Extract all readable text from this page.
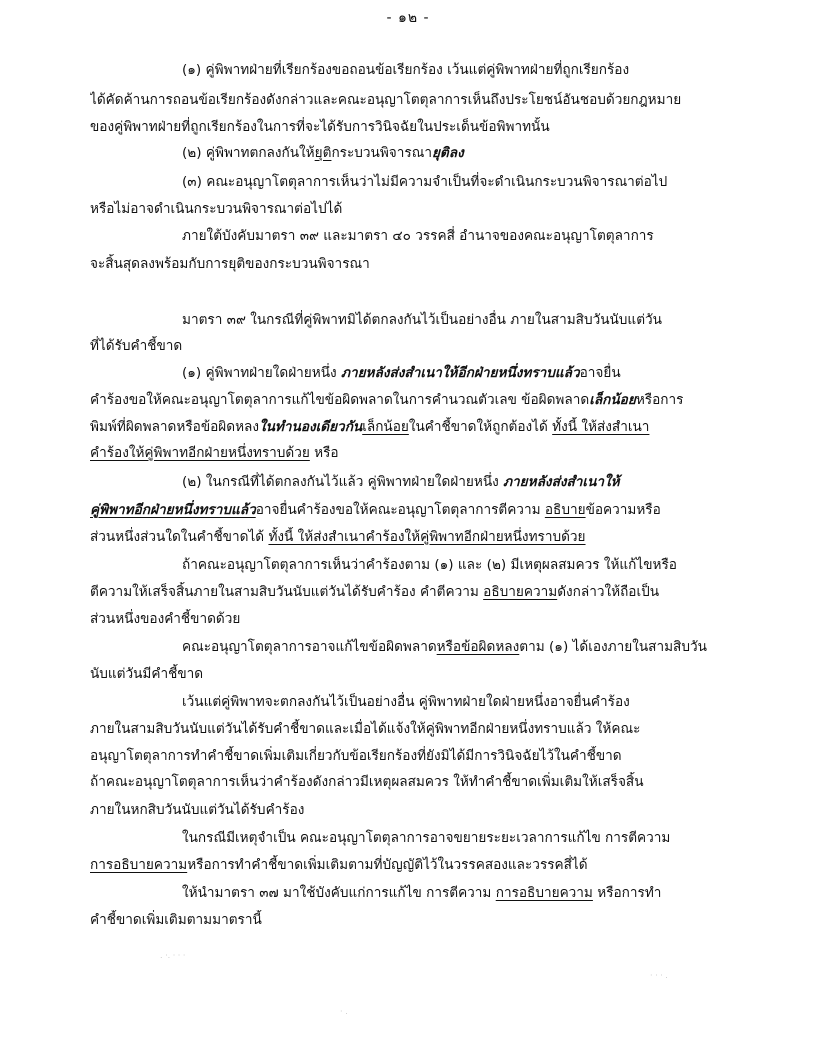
- ๑๒ -
(๑) คู่พิพาทฝ่ายที่เรียกร้องขอถอนข้อเรียกร้อง เว้นแต่คู่พิพาทฝ่ายที่ถูกเรียกร้อง
ได้คัดค้านการถอนข้อเรียกร้องดังกล่าวและคณะอนุญาโตตุลาการเห็นถึงประโยชน์อันชอบด้วยกฎหมาย
ของคู่พิพาทฝ่ายที่ถูกเรียกร้องในการที่จะได้รับการวินิจฉัยในประเด็นข้อพิพาทนั้น
(๒) คู่พิพาทตกลงกันให้ยุติกระบวนพิจารณายุติลง
(๓) คณะอนุญาโตตุลาการเห็นว่าไม่มีความจำเป็นที่จะดำเนินกระบวนพิจารณาต่อไป
หรือไม่อาจดำเนินกระบวนพิจารณาต่อไปได้
ภายใต้บังคับมาตรา ๓๙ และมาตรา ๔๐ วรรคสี่ อำนาจของคณะอนุญาโตตุลาการ
จะสิ้นสุดลงพร้อมกับการยุติของกระบวนพิจารณา
มาตรา ๓๙ ในกรณีที่คู่พิพาทมิได้ตกลงกันไว้เป็นอย่างอื่น ภายในสามสิบวันนับแต่วัน
ที่ได้รับคำชี้ขาด
(๑) คู่พิพาทฝ่ายใดฝ่ายหนึ่ง ภายหลังส่งสำเนาให้อีกฝ่ายหนึ่งทราบแล้วอาจยื่น
คำร้องขอให้คณะอนุญาโตตุลาการแก้ไขข้อผิดพลาดในการคำนวณตัวเลข ข้อผิดพลาดเล็กน้อยหรือการ
พิมพ์ที่ผิดพลาดหรือข้อผิดหลงในทำนองเดียวกันเล็กน้อยในคำชี้ขาดให้ถูกต้องได้ ทั้งนี้ ให้ส่งสำเนา
คำร้องให้คู่พิพาทอีกฝ่ายหนึ่งทราบด้วย หรือ
(๒) ในกรณีที่ได้ตกลงกันไว้แล้ว คู่พิพาทฝ่ายใดฝ่ายหนึ่ง ภายหลังส่งสำเนาให้
คู่พิพาทอีกฝ่ายหนึ่งทราบแล้วอาจยื่นคำร้องขอให้คณะอนุญาโตตุลาการตีความ อธิบายข้อความหรือ
ส่วนหนึ่งส่วนใดในคำชี้ขาดได้ ทั้งนี้ ให้ส่งสำเนาคำร้องให้คู่พิพาทอีกฝ่ายหนึ่งทราบด้วย
ถ้าคณะอนุญาโตตุลาการเห็นว่าคำร้องตาม (๑) และ (๒) มีเหตุผลสมควร ให้แก้ไขหรือ
ตีความให้เสร็จสิ้นภายในสามสิบวันนับแต่วันได้รับคำร้อง คำตีความ อธิบายความดังกล่าวให้ถือเป็น
ส่วนหนึ่งของคำชี้ขาดด้วย
คณะอนุญาโตตุลาการอาจแก้ไขข้อผิดพลาดหรือข้อผิดหลงตาม (๑) ได้เองภายในสามสิบวัน
นับแต่วันมีคำชี้ขาด
เว้นแต่คู่พิพาทจะตกลงกันไว้เป็นอย่างอื่น คู่พิพาทฝ่ายใดฝ่ายหนึ่งอาจยื่นคำร้อง
ภายในสามสิบวันนับแต่วันได้รับคำชี้ขาดและเมื่อได้แจ้งให้คู่พิพาทอีกฝ่ายหนึ่งทราบแล้ว ให้คณะ
อนุญาโตตุลาการทำคำชี้ขาดเพิ่มเติมเกี่ยวกับข้อเรียกร้องที่ยังมิได้มีการวินิจฉัยไว้ในคำชี้ขาด
ถ้าคณะอนุญาโตตุลาการเห็นว่าคำร้องดังกล่าวมีเหตุผลสมควร ให้ทำคำชี้ขาดเพิ่มเติมให้เสร็จสิ้น
ภายในหกสิบวันนับแต่วันได้รับคำร้อง
ในกรณีมีเหตุจำเป็น คณะอนุญาโตตุลาการอาจขยายระยะเวลาการแก้ไข การตีความ
การอธิบายความหรือการทำคำชี้ขาดเพิ่มเติมตามที่บัญญัติไว้ในวรรคสองและวรรคสี่ได้
ให้นำมาตรา ๓๗ มาใช้บังคับแก่การแก้ไข การตีความ การอธิบายความ หรือการทำ
คำชี้ขาดเพิ่มเติมตามมาตรานี้
. ·. · · ·
· .
· · · .
